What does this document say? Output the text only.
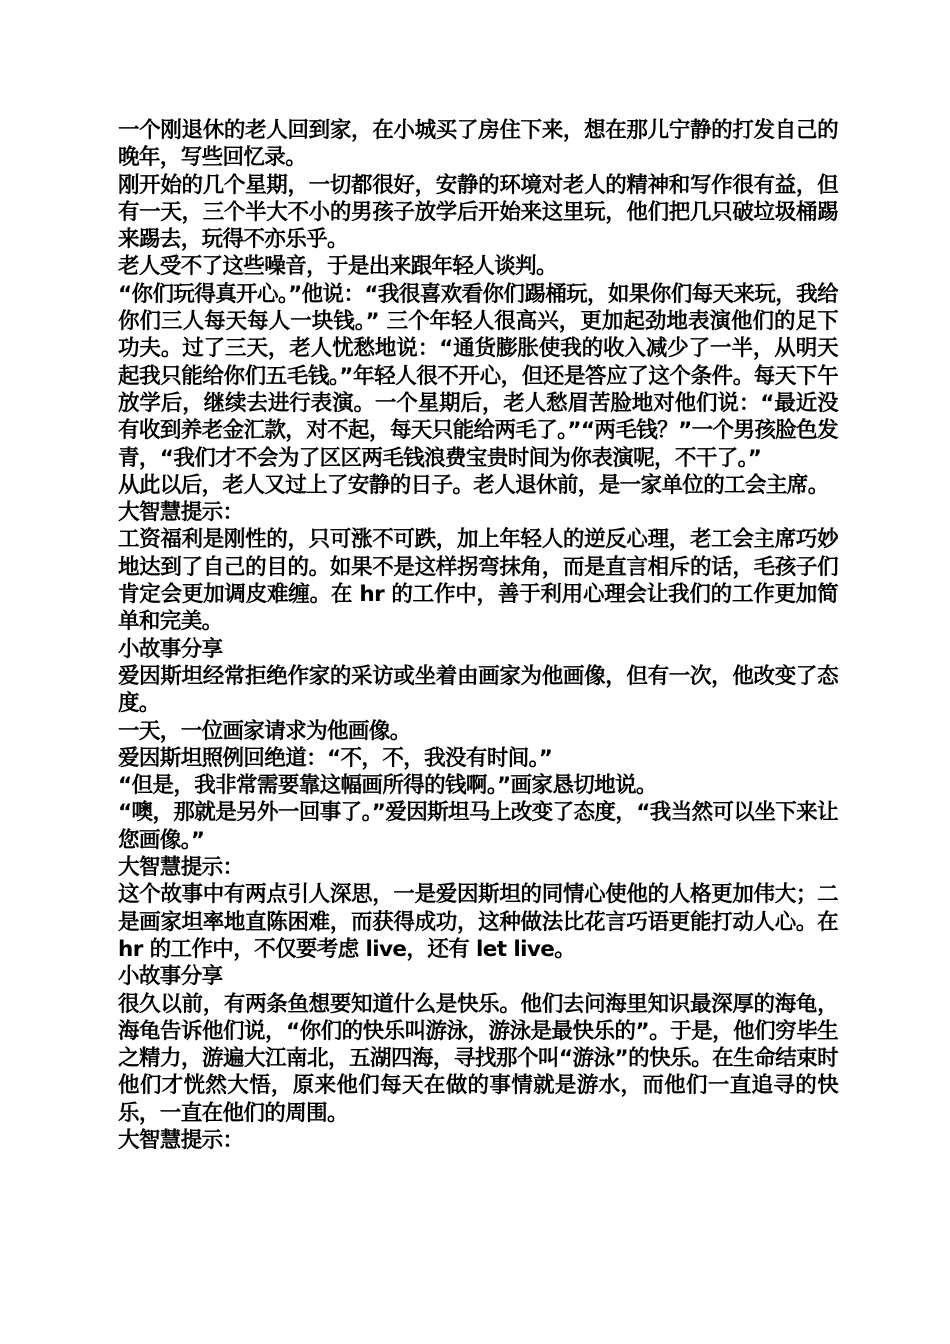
一个刚退休的老人回到家，在小城买了房住下来，想在那儿宁静的打发自己的晚年，写些回忆录。

刚开始的几个星期，一切都很好，安静的环境对老人的精神和写作很有益，但有一天，三个半大不小的男孩子放学后开始来这里玩，他们把几只破垃圾桶踢来踢去，玩得不亦乐乎。

老人受不了这些噪音，于是出来跟年轻人谈判。

“你们玩得真开心。”他说：“我很喜欢看你们踢桶玩，如果你们每天来玩，我给你们三人每天每人一块钱。” 三个年轻人很高兴，更加起劲地表演他们的足下功夫。过了三天，老人忧愁地说：“通货膨胀使我的收入减少了一半，从明天起我只能给你们五毛钱。”年轻人很不开心，但还是答应了这个条件。每天下午放学后，继续去进行表演。一个星期后，老人愁眉苦脸地对他们说：“最近没有收到养老金汇款，对不起，每天只能给两毛了。”“两毛钱？”一个男孩脸色发青，“我们才不会为了区区两毛钱浪费宝贵时间为你表演呢，不干了。”

从此以后，老人又过上了安静的日子。老人退休前，是一家单位的工会主席。

大智慧提示：

工资福利是刚性的，只可涨不可跌，加上年轻人的逆反心理，老工会主席巧妙地达到了自己的目的。如果不是这样拐弯抹角，而是直言相斥的话，毛孩子们肯定会更加调皮难缠。在 hr 的工作中，善于利用心理会让我们的工作更加简单和完美。

小故事分享

爱因斯坦经常拒绝作家的采访或坐着由画家为他画像，但有一次，他改变了态度。

一天，一位画家请求为他画像。

爱因斯坦照例回绝道：“不，不，我没有时间。”

“但是，我非常需要靠这幅画所得的钱啊。”画家恳切地说。

“噢，那就是另外一回事了。”爱因斯坦马上改变了态度，“我当然可以坐下来让您画像。”

大智慧提示：

这个故事中有两点引人深思，一是爱因斯坦的同情心使他的人格更加伟大；二是画家坦率地直陈困难，而获得成功，这种做法比花言巧语更能打动人心。在 hr 的工作中，不仅要考虑 live，还有 let live。

小故事分享

很久以前，有两条鱼想要知道什么是快乐。他们去问海里知识最深厚的海龟，海龟告诉他们说，“你们的快乐叫游泳，游泳是最快乐的”。于是，他们穷毕生之精力，游遍大江南北，五湖四海，寻找那个叫“游泳”的快乐。在生命结束时他们才恍然大悟，原来他们每天在做的事情就是游水，而他们一直追寻的快乐，一直在他们的周围。

大智慧提示：
